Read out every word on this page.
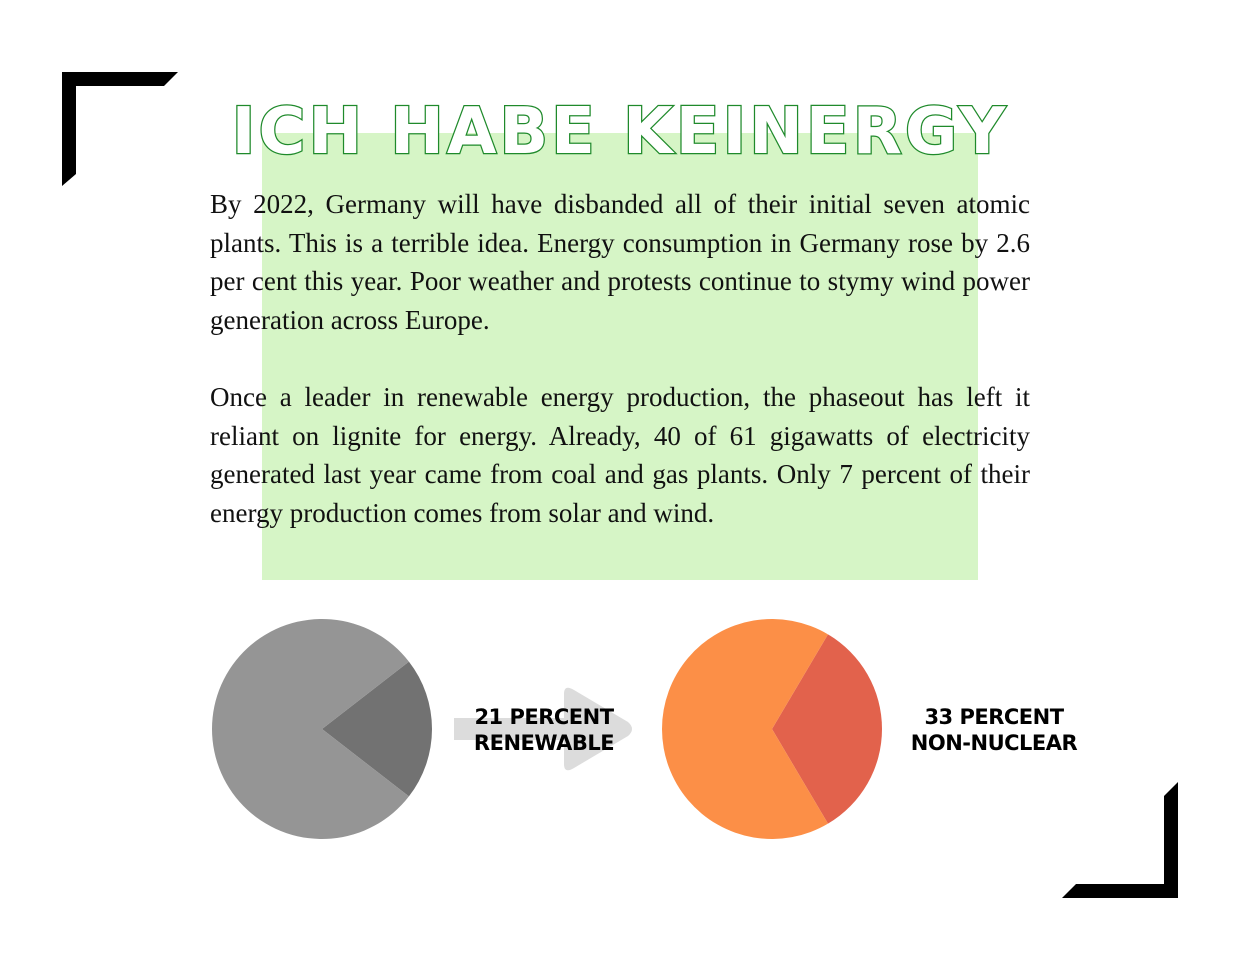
ICH HABE KEINERGY

By 2022, Germany will have disbanded all of their initial seven atomic plants. This is a terrible idea. Energy consumption in Germany rose by 2.6 per cent this year. Poor weather and protests continue to stymy wind power generation across Europe.

Once a leader in renewable energy production, the phaseout has left it reliant on lignite for energy. Already, 40 of 61 gigawatts of electricity generated last year came from coal and gas plants. Only 7 percent of their energy production comes from solar and wind.

21 PERCENT
RENEWABLE
33 PERCENT
NON-NUCLEAR
